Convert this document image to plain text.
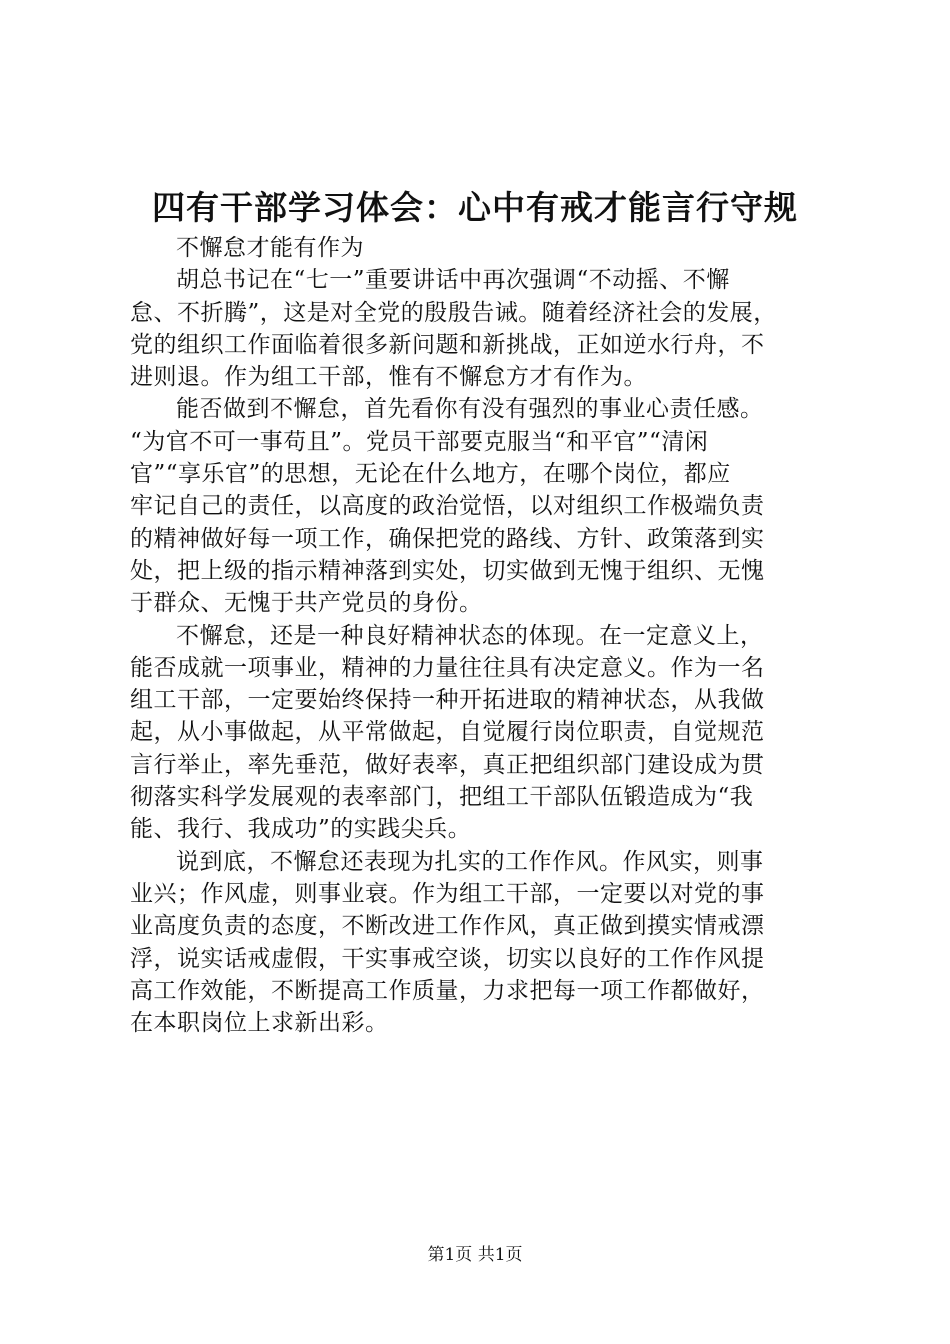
四有干部学习体会：心中有戒才能言行守规
不懈怠才能有作为
胡总书记在“七一”重要讲话中再次强调“不动摇、不懈
怠、不折腾”，这是对全党的殷殷告诫。随着经济社会的发展，
党的组织工作面临着很多新问题和新挑战，正如逆水行舟，不
进则退。作为组工干部，惟有不懈怠方才有作为。
能否做到不懈怠，首先看你有没有强烈的事业心责任感。
“为官不可一事苟且”。党员干部要克服当“和平官”“清闲
官”“享乐官”的思想，无论在什么地方，在哪个岗位，都应
牢记自己的责任，以高度的政治觉悟，以对组织工作极端负责
的精神做好每一项工作，确保把党的路线、方针、政策落到实
处，把上级的指示精神落到实处，切实做到无愧于组织、无愧
于群众、无愧于共产党员的身份。
不懈怠，还是一种良好精神状态的体现。在一定意义上，
能否成就一项事业，精神的力量往往具有决定意义。作为一名
组工干部，一定要始终保持一种开拓进取的精神状态，从我做
起，从小事做起，从平常做起，自觉履行岗位职责，自觉规范
言行举止，率先垂范，做好表率，真正把组织部门建设成为贯
彻落实科学发展观的表率部门，把组工干部队伍锻造成为“我
能、我行、我成功”的实践尖兵。
说到底，不懈怠还表现为扎实的工作作风。作风实，则事
业兴；作风虚，则事业衰。作为组工干部，一定要以对党的事
业高度负责的态度，不断改进工作作风，真正做到摸实情戒漂
浮，说实话戒虚假，干实事戒空谈，切实以良好的工作作风提
高工作效能，不断提高工作质量，力求把每一项工作都做好，
在本职岗位上求新出彩。
第1页 共1页
